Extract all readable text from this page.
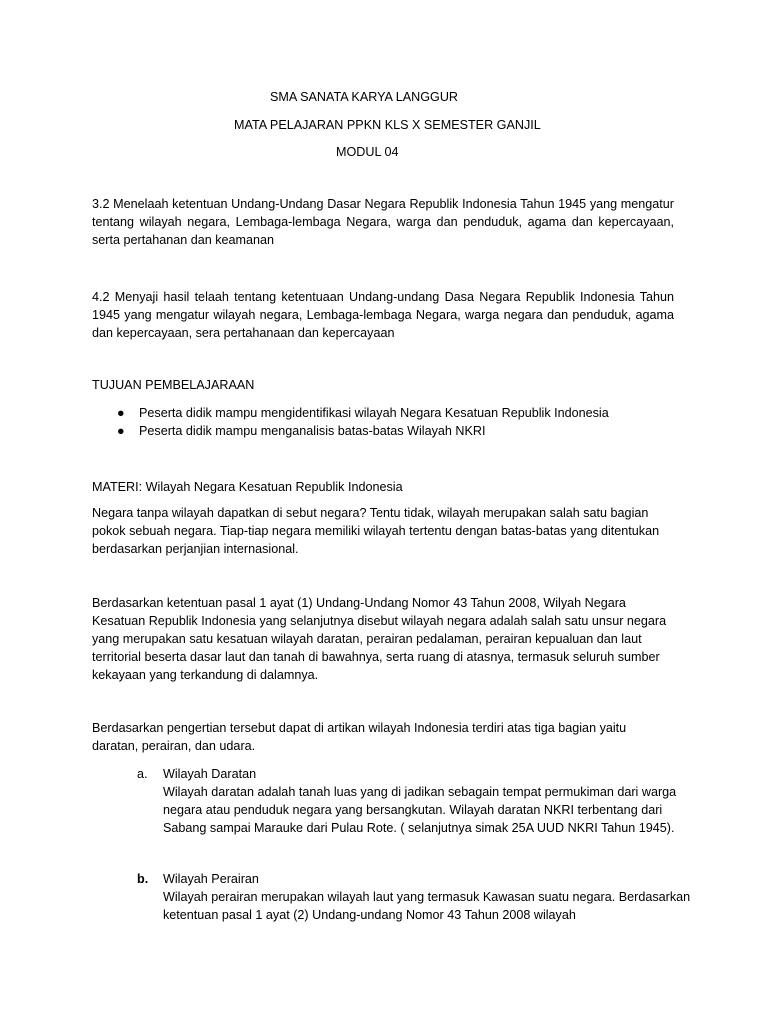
SMA SANATA KARYA LANGGUR
MATA PELAJARAN PPKN KLS X SEMESTER GANJIL
MODUL 04

3.2 Menelaah ketentuan Undang-Undang Dasar Negara Republik Indonesia Tahun 1945 yang mengatur tentang wilayah negara, Lembaga-lembaga Negara, warga dan penduduk, agama dan kepercayaan, serta pertahanan dan keamanan

4.2 Menyaji hasil telaah tentang ketentuaan Undang-undang Dasa Negara Republik Indonesia Tahun 1945 yang mengatur wilayah negara, Lembaga-lembaga Negara, warga negara dan penduduk, agama dan kepercayaan, sera pertahanaan dan kepercayaan

TUJUAN PEMBELAJARAAN
● Peserta didik mampu mengidentifikasi wilayah Negara Kesatuan Republik Indonesia
● Peserta didik mampu menganalisis batas-batas Wilayah NKRI
MATERI: Wilayah Negara Kesatuan Republik Indonesia

Negara tanpa wilayah dapatkan di sebut negara? Tentu tidak, wilayah merupakan salah satu bagian pokok sebuah negara. Tiap-tiap negara memiliki wilayah tertentu dengan batas-batas yang ditentukan berdasarkan perjanjian internasional.

Berdasarkan ketentuan pasal 1 ayat (1) Undang-Undang Nomor 43 Tahun 2008, Wilyah Negara Kesatuan Republik Indonesia yang selanjutnya disebut wilayah negara adalah salah satu unsur negara yang merupakan satu kesatuan wilayah daratan, perairan pedalaman, perairan kepualuan dan laut territorial beserta dasar laut dan tanah di bawahnya, serta ruang di atasnya, termasuk seluruh sumber kekayaan yang terkandung di dalamnya.

Berdasarkan pengertian tersebut dapat di artikan wilayah Indonesia terdiri atas tiga bagian yaitu daratan, perairan, dan udara.

a. Wilayah Daratan

Wilayah daratan adalah tanah luas yang di jadikan sebagain tempat permukiman dari warga negara atau penduduk negara yang bersangkutan. Wilayah daratan NKRI terbentang dari Sabang sampai Marauke dari Pulau Rote. ( selanjutnya simak 25A UUD NKRI Tahun 1945).

b. Wilayah Perairan

Wilayah perairan merupakan wilayah laut yang termasuk Kawasan suatu negara. Berdasarkan ketentuan pasal 1 ayat (2) Undang-undang Nomor 43 Tahun 2008 wilayah
